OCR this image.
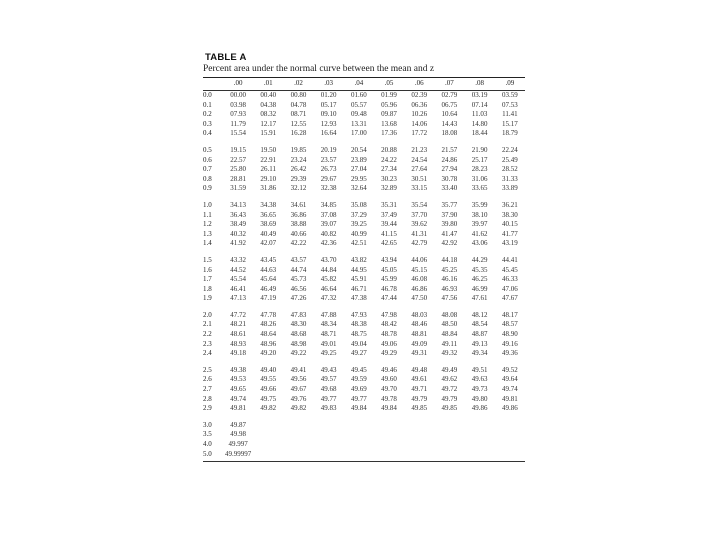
TABLE A
Percent area under the normal curve between the mean and z
	.00	.01	.02	.03	.04	.05	.06	.07	.08	.09

0.0	00.00	00.40	00.80	01.20	01.60	01.99	02.39	02.79	03.19	03.59
0.1	03.98	04.38	04.78	05.17	05.57	05.96	06.36	06.75	07.14	07.53
0.2	07.93	08.32	08.71	09.10	09.48	09.87	10.26	10.64	11.03	11.41
0.3	11.79	12.17	12.55	12.93	13.31	13.68	14.06	14.43	14.80	15.17
0.4	15.54	15.91	16.28	16.64	17.00	17.36	17.72	18.08	18.44	18.79

0.5	19.15	19.50	19.85	20.19	20.54	20.88	21.23	21.57	21.90	22.24
0.6	22.57	22.91	23.24	23.57	23.89	24.22	24.54	24.86	25.17	25.49
0.7	25.80	26.11	26.42	26.73	27.04	27.34	27.64	27.94	28.23	28.52
0.8	28.81	29.10	29.39	29.67	29.95	30.23	30.51	30.78	31.06	31.33
0.9	31.59	31.86	32.12	32.38	32.64	32.89	33.15	33.40	33.65	33.89

1.0	34.13	34.38	34.61	34.85	35.08	35.31	35.54	35.77	35.99	36.21
1.1	36.43	36.65	36.86	37.08	37.29	37.49	37.70	37.90	38.10	38.30
1.2	38.49	38.69	38.88	39.07	39.25	39.44	39.62	39.80	39.97	40.15
1.3	40.32	40.49	40.66	40.82	40.99	41.15	41.31	41.47	41.62	41.77
1.4	41.92	42.07	42.22	42.36	42.51	42.65	42.79	42.92	43.06	43.19

1.5	43.32	43.45	43.57	43.70	43.82	43.94	44.06	44.18	44.29	44.41
1.6	44.52	44.63	44.74	44.84	44.95	45.05	45.15	45.25	45.35	45.45
1.7	45.54	45.64	45.73	45.82	45.91	45.99	46.08	46.16	46.25	46.33
1.8	46.41	46.49	46.56	46.64	46.71	46.78	46.86	46.93	46.99	47.06
1.9	47.13	47.19	47.26	47.32	47.38	47.44	47.50	47.56	47.61	47.67

2.0	47.72	47.78	47.83	47.88	47.93	47.98	48.03	48.08	48.12	48.17
2.1	48.21	48.26	48.30	48.34	48.38	48.42	48.46	48.50	48.54	48.57
2.2	48.61	48.64	48.68	48.71	48.75	48.78	48.81	48.84	48.87	48.90
2.3	48.93	48.96	48.98	49.01	49.04	49.06	49.09	49.11	49.13	49.16
2.4	49.18	49.20	49.22	49.25	49.27	49.29	49.31	49.32	49.34	49.36

2.5	49.38	49.40	49.41	49.43	49.45	49.46	49.48	49.49	49.51	49.52
2.6	49.53	49.55	49.56	49.57	49.59	49.60	49.61	49.62	49.63	49.64
2.7	49.65	49.66	49.67	49.68	49.69	49.70	49.71	49.72	49.73	49.74
2.8	49.74	49.75	49.76	49.77	49.77	49.78	49.79	49.79	49.80	49.81
2.9	49.81	49.82	49.82	49.83	49.84	49.84	49.85	49.85	49.86	49.86

3.0	49.87									
3.5	49.98									
4.0	49.997									
5.0	49.99997									
